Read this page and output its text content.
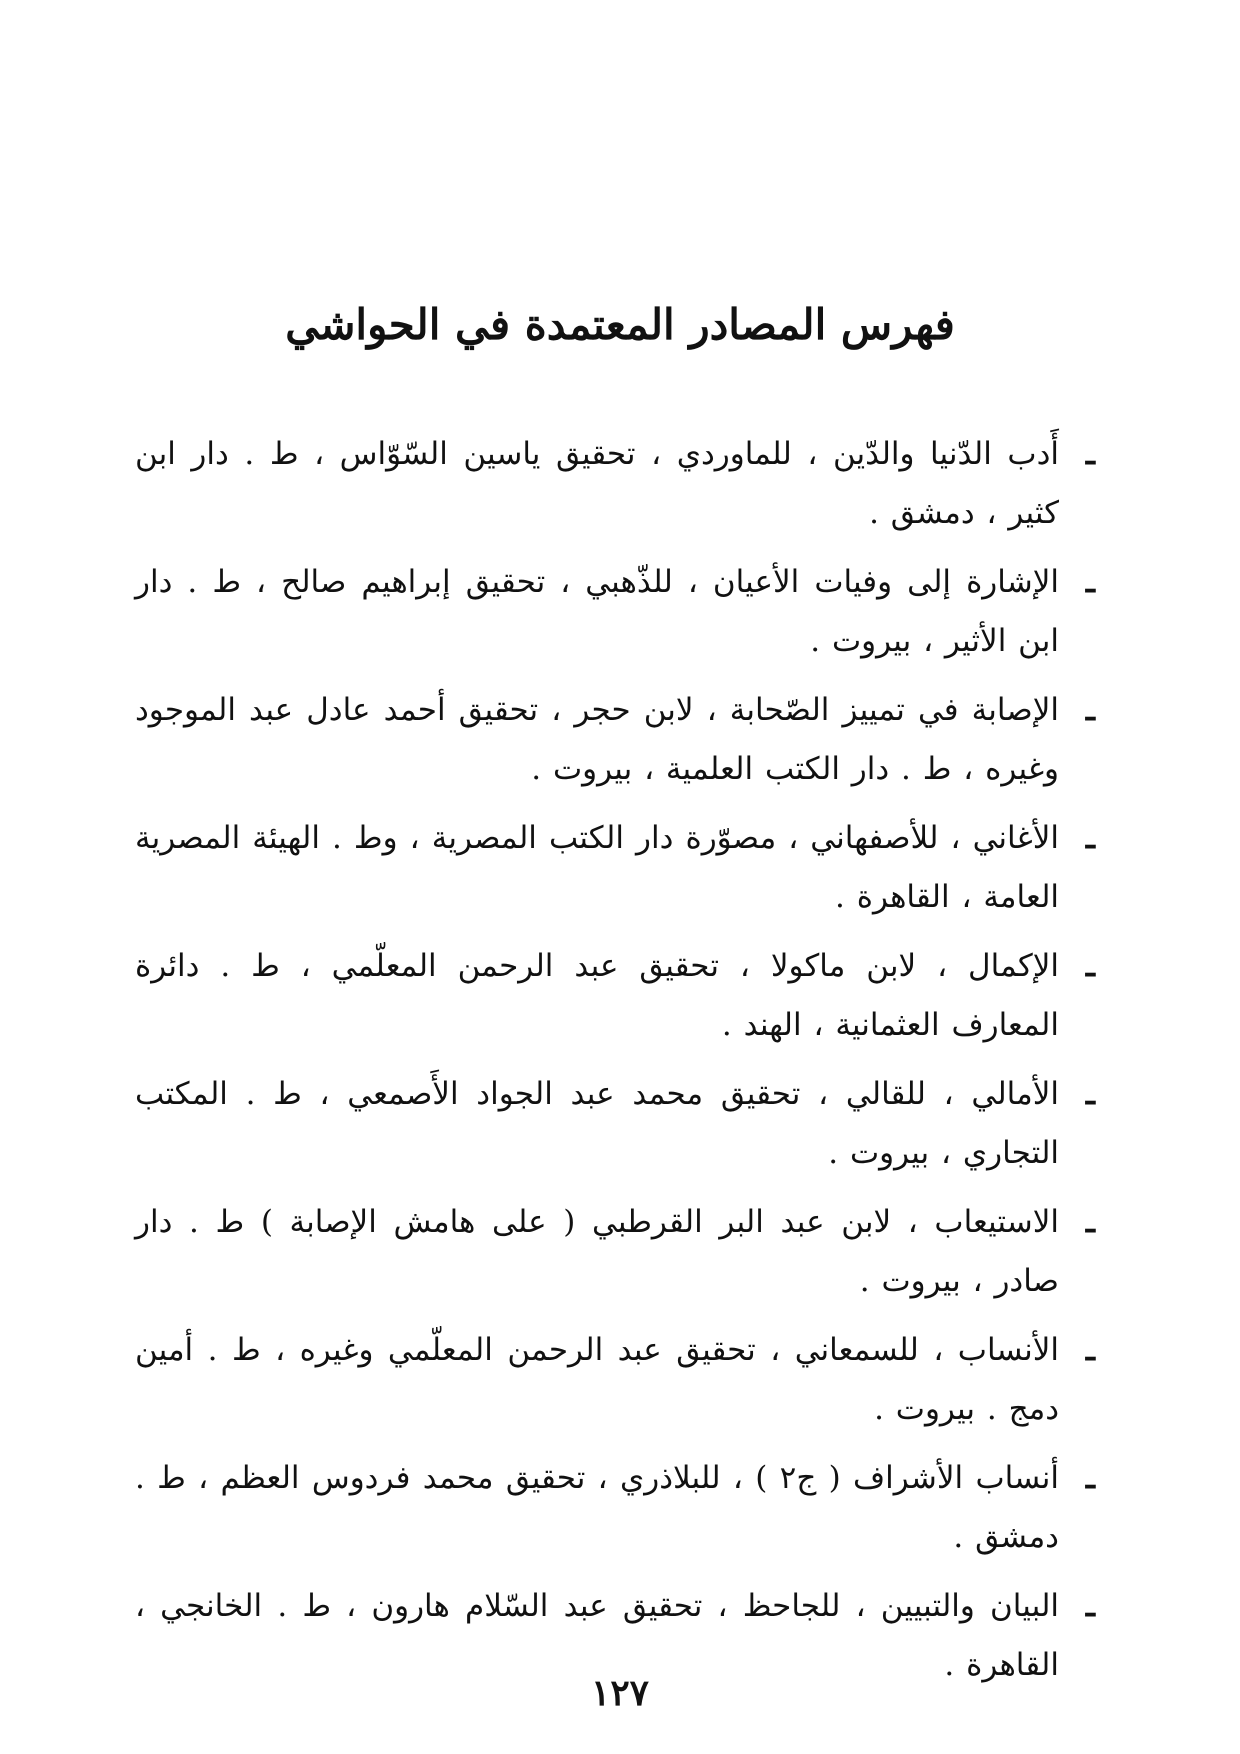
فهرس المصادر المعتمدة في الحواشي
ـ
أَدب الدّنيا والدّين ، للماوردي ، تحقيق ياسين السّوّاس ، ط . دار ابن كثير ، دمشق .
ـ
الإشارة إلى وفيات الأعيان ، للذّهبي ، تحقيق إبراهيم صالح ، ط . دار ابن الأثير ، بيروت .
ـ
الإصابة في تمييز الصّحابة ، لابن حجر ، تحقيق أحمد عادل عبد الموجود وغيره ، ط . دار الكتب العلمية ، بيروت .
ـ
الأغاني ، للأصفهاني ، مصوّرة دار الكتب المصرية ، وط . الهيئة المصرية العامة ، القاهرة .
ـ
الإكمال ، لابن ماكولا ، تحقيق عبد الرحمن المعلّمي ، ط . دائرة المعارف العثمانية ، الهند .
ـ
الأمالي ، للقالي ، تحقيق محمد عبد الجواد الأَصمعي ، ط . المكتب التجاري ، بيروت .
ـ
الاستيعاب ، لابن عبد البر القرطبي ( على هامش الإصابة ) ط . دار صادر ، بيروت .
ـ
الأنساب ، للسمعاني ، تحقيق عبد الرحمن المعلّمي وغيره ، ط . أمين دمج . بيروت .
ـ
أنساب الأشراف ( ج٢ ) ، للبلاذري ، تحقيق محمد فردوس العظم ، ط . دمشق .
ـ
البيان والتبيين ، للجاحظ ، تحقيق عبد السّلام هارون ، ط . الخانجي ، القاهرة .
١٢٧
